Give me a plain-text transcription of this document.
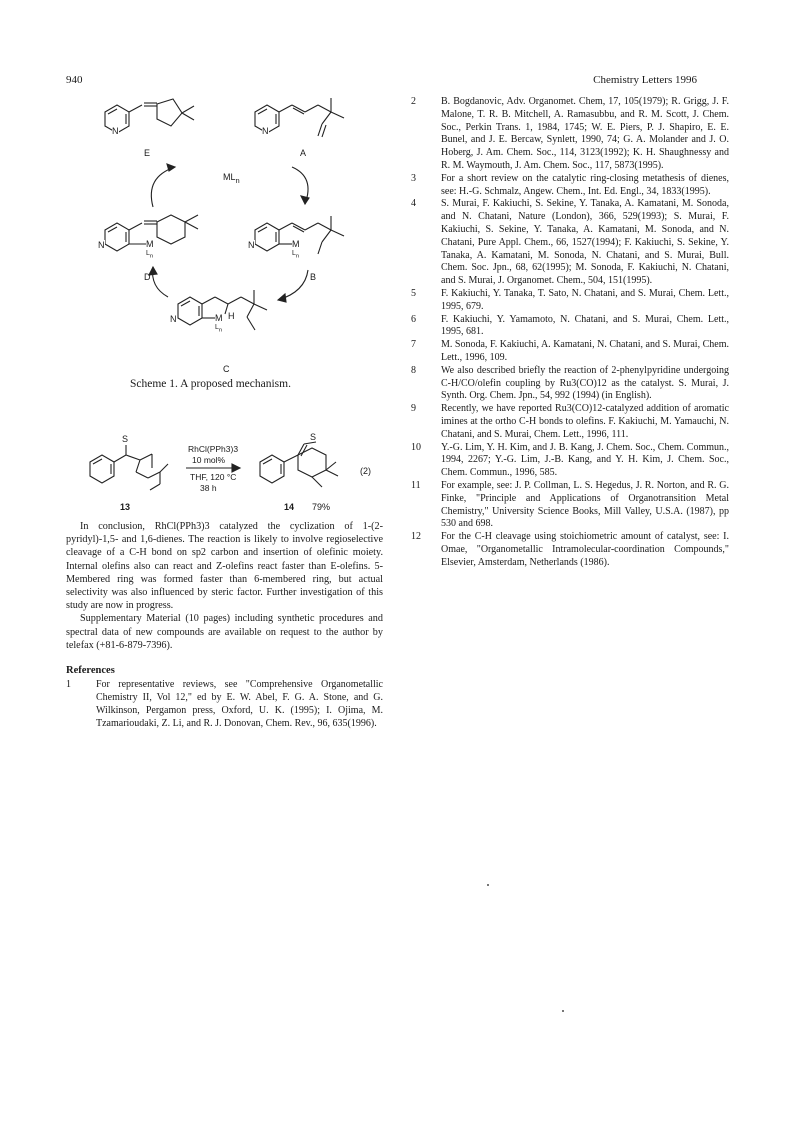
940	Chemistry Letters 1996
E	A
D	B
C
$ML_n$
N	N
N	N
N
M
$L_n$
M
$L_n$
M H
$L_n$
Scheme 1. A proposed mechanism.
S	S
RhCl(PPh3)3
10 mol%
THF, 120 °C
38 h
(2)
13	14 79%

In conclusion, RhCl(PPh3)3 catalyzed the cyclization of 1-(2-pyridyl)-1,5- and 1,6-dienes. The reaction is likely to involve regioselective cleavage of a C-H bond on sp2 carbon and insertion of olefinic moiety. Internal olefins also can react and Z-olefins react faster than E-olefins. 5-Membered ring was formed faster than 6-membered ring, but actual selectivity was also influenced by steric factor. Further investigation of this study are now in progress.

Supplementary Material (10 pages) including synthetic procedures and spectral data of new compounds are available on request to the author by telefax (+81-6-879-7396).

References
1	For representative reviews, see "Comprehensive Organometallic Chemistry II, Vol 12," ed by E. W. Abel, F. G. A. Stone, and G. Wilkinson, Pergamon press, Oxford, U. K. (1995); I. Ojima, M. Tzamarioudaki, Z. Li, and R. J. Donovan, Chem. Rev., 96, 635(1996).
2	B. Bogdanovic, Adv. Organomet. Chem, 17, 105(1979); R. Grigg, J. F. Malone, T. R. B. Mitchell, A. Ramasubbu, and R. M. Scott, J. Chem. Soc., Perkin Trans. 1, 1984, 1745; W. E. Piers, P. J. Shapiro, E. E. Bunel, and J. E. Bercaw, Synlett, 1990, 74; G. A. Molander and J. O. Hoberg, J. Am. Chem. Soc., 114, 3123(1992); K. H. Shaughnessy and R. M. Waymouth, J. Am. Chem. Soc., 117, 5873(1995).
3	For a short review on the catalytic ring-closing metathesis of dienes, see: H.-G. Schmalz, Angew. Chem., Int. Ed. Engl., 34, 1833(1995).
4	S. Murai, F. Kakiuchi, S. Sekine, Y. Tanaka, A. Kamatani, M. Sonoda, and N. Chatani, Nature (London), 366, 529(1993); S. Murai, F. Kakiuchi, S. Sekine, Y. Tanaka, A. Kamatani, M. Sonoda, and N. Chatani, Pure Appl. Chem., 66, 1527(1994); F. Kakiuchi, S. Sekine, Y. Tanaka, A. Kamatani, M. Sonoda, N. Chatani, and S. Murai, Bull. Chem. Soc. Jpn., 68, 62(1995); M. Sonoda, F. Kakiuchi, N. Chatani, and S. Murai, J. Organomet. Chem., 504, 151(1995).
5	F. Kakiuchi, Y. Tanaka, T. Sato, N. Chatani, and S. Murai, Chem. Lett., 1995, 679.
6	F. Kakiuchi, Y. Yamamoto, N. Chatani, and S. Murai, Chem. Lett., 1995, 681.
7	M. Sonoda, F. Kakiuchi, A. Kamatani, N. Chatani, and S. Murai, Chem. Lett., 1996, 109.
8	We also described briefly the reaction of 2-phenylpyridine undergoing C-H/CO/olefin coupling by Ru3(CO)12 as the catalyst. S. Murai, J. Synth. Org. Chem. Jpn., 54, 992 (1994) (in English).
9	Recently, we have reported Ru3(CO)12-catalyzed addition of aromatic imines at the ortho C-H bonds to olefins. F. Kakiuchi, M. Yamauchi, N. Chatani, and S. Murai, Chem. Lett., 1996, 111.
10 Y.-G. Lim, Y. H. Kim, and J. B. Kang, J. Chem. Soc., Chem. Commun., 1994, 2267; Y.-G. Lim, J.-B. Kang, and Y. H. Kim, J. Chem. Soc., Chem. Commun., 1996, 585.
11 For example, see: J. P. Collman, L. S. Hegedus, J. R. Norton, and R. G. Finke, "Principle and Applications of Organotransition Metal Chemistry," University Science Books, Mill Valley, U.S.A. (1987), pp 530 and 698.
12 For the C-H cleavage using stoichiometric amount of catalyst, see: I. Omae, "Organometallic Intramolecular-coordination Compounds," Elsevier, Amsterdam, Netherlands (1986).
